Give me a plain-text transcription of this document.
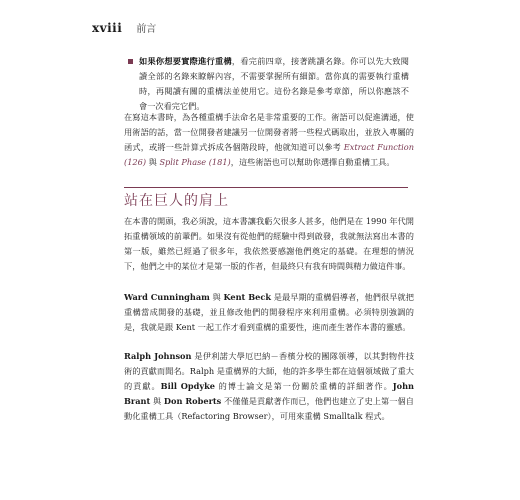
xviii 前言
如果你想要實際進行重構，看完前四章，接著跳讀名錄。你可以先大致閱讀全部的名錄來瞭解內容，不需要掌握所有細節。當你真的需要執行重構時，再閱讀有關的重構法並使用它。這份名錄是參考章節，所以你應該不會一次看完它們。

在寫這本書時，為各種重構手法命名是非常重要的工作。術語可以促進溝通，使用術語的話，當一位開發者建議另一位開發者將一些程式碼取出，並放入專屬的函式，或將一些計算式拆成各個階段時，他就知道可以參考 Extract Function (126) 與 Split Phase (181)，這些術語也可以幫助你選擇自動重構工具。

站在巨人的肩上

在本書的開頭，我必須說，這本書讓我虧欠很多人甚多，他們是在 1990 年代開拓重構領域的前輩們。如果沒有從他們的經驗中得到啟發，我就無法寫出本書的第一版，雖然已經過了很多年，我依然要感謝他們奠定的基礎。在理想的情況下，他們之中的某位才是第一版的作者，但最終只有我有時間與精力做這件事。

Ward Cunningham 與 Kent Beck 是最早期的重構倡導者，他們很早就把重構當成開發的基礎，並且修改他們的開發程序來利用重構。必須特別強調的是，我就是跟 Kent 一起工作才看到重構的重要性，進而產生著作本書的靈感。

Ralph Johnson 是伊利諾大學厄巴納－香檳分校的團隊領導，以其對物件技術的貢獻而聞名。Ralph 是重構界的大師，他的許多學生都在這個領域做了重大的貢獻。Bill Opdyke 的博士論文是第一份關於重構的詳細著作。John Brant 與 Don Roberts 不僅僅是貢獻著作而已，他們也建立了史上第一個自動化重構工具（Refactoring Browser），可用來重構 Smalltalk 程式。
